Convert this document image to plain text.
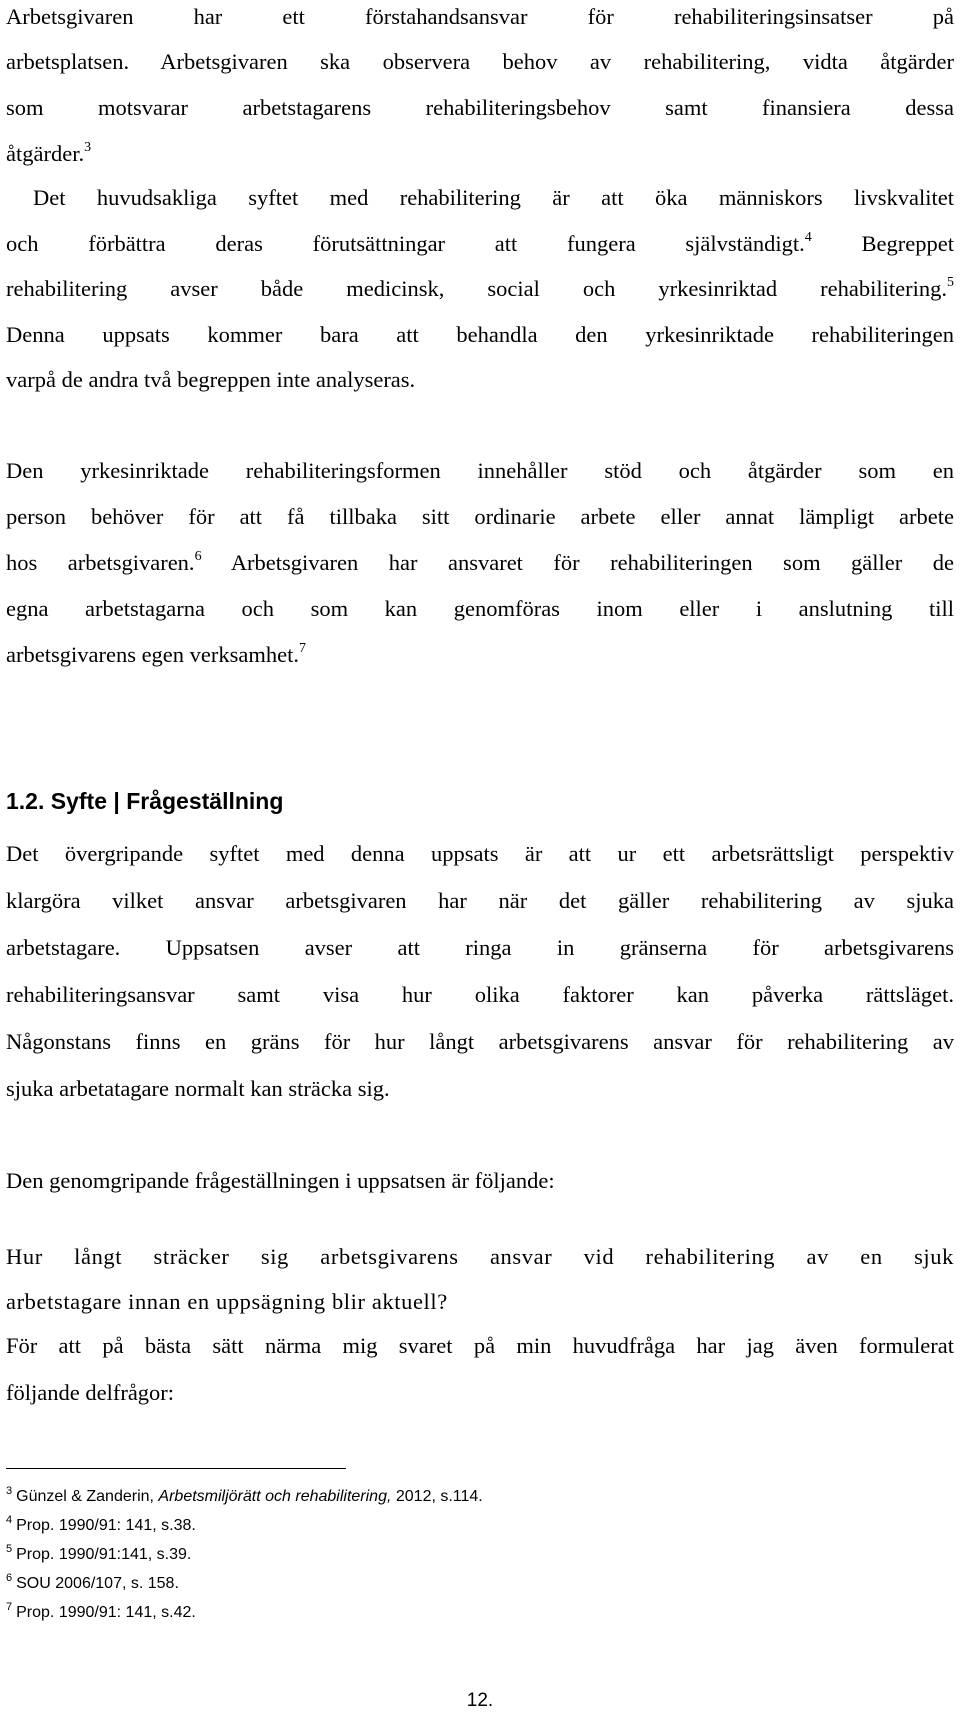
Arbetsgivaren har ett förstahandsansvar för rehabiliteringsinsatser på
arbetsplatsen. Arbetsgivaren ska observera behov av rehabilitering, vidta åtgärder
som motsvarar arbetstagarens rehabiliteringsbehov samt finansiera dessa
åtgärder.$^3$
Det huvudsakliga syftet med rehabilitering är att öka människors livskvalitet
och förbättra deras förutsättningar att fungera självständigt.$^4$ Begreppet
rehabilitering avser både medicinsk, social och yrkesinriktad rehabilitering.$^5$
Denna uppsats kommer bara att behandla den yrkesinriktade rehabiliteringen
varpå de andra två begreppen inte analyseras.
Den yrkesinriktade rehabiliteringsformen innehåller stöd och åtgärder som en
person behöver för att få tillbaka sitt ordinarie arbete eller annat lämpligt arbete
hos arbetsgivaren.$^6$ Arbetsgivaren har ansvaret för rehabiliteringen som gäller de
egna arbetstagarna och som kan genomföras inom eller i anslutning till
arbetsgivarens egen verksamhet.$^7$
1.2. Syfte | Frågeställning
Det övergripande syftet med denna uppsats är att ur ett arbetsrättsligt perspektiv
klargöra vilket ansvar arbetsgivaren har när det gäller rehabilitering av sjuka
arbetstagare. Uppsatsen avser att ringa in gränserna för arbetsgivarens
rehabiliteringsansvar samt visa hur olika faktorer kan påverka rättsläget.
Någonstans finns en gräns för hur långt arbetsgivarens ansvar för rehabilitering av
sjuka arbetatagare normalt kan sträcka sig.
Den genomgripande frågeställningen i uppsatsen är följande:
Hur långt sträcker sig arbetsgivarens ansvar vid rehabilitering av en sjuk
arbetstagare innan en uppsägning blir aktuell?
För att på bästa sätt närma mig svaret på min huvudfråga har jag även formulerat
följande delfrågor:
$^3$ Günzel & Zanderin, Arbetsmiljörätt och rehabilitering, 2012, s.114.
$^4$ Prop. 1990/91: 141, s.38.
$^5$ Prop. 1990/91:141, s.39.
$^6$ SOU 2006/107, s. 158.
$^7$ Prop. 1990/91: 141, s.42.
12.
